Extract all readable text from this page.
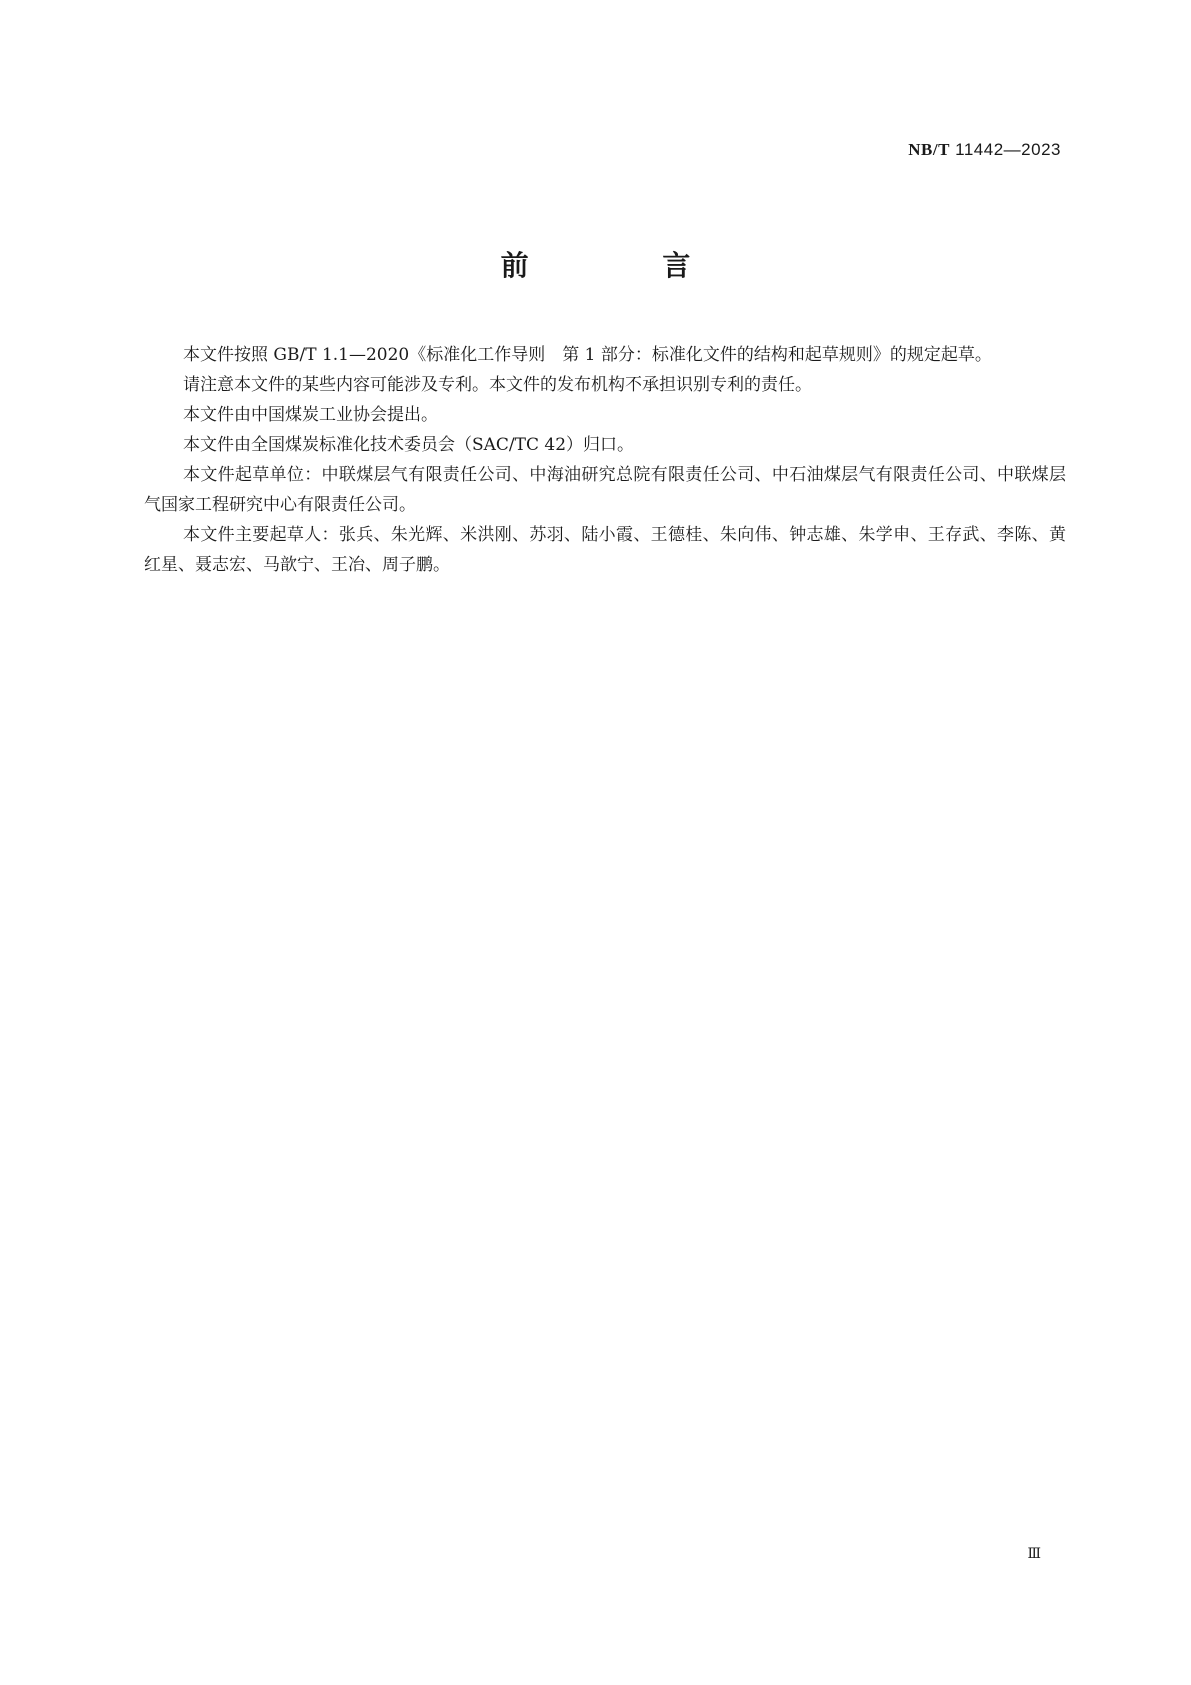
NB/T 11442—2023
前 言

本文件按照 GB/T 1.1—2020《标准化工作导则　第 1 部分：标准化文件的结构和起草规则》的规定起草。

请注意本文件的某些内容可能涉及专利。本文件的发布机构不承担识别专利的责任。

本文件由中国煤炭工业协会提出。

本文件由全国煤炭标准化技术委员会（SAC/TC 42）归口。

本文件起草单位：中联煤层气有限责任公司、中海油研究总院有限责任公司、中石油煤层气有限责任公司、中联煤层气国家工程研究中心有限责任公司。

本文件主要起草人：张兵、朱光辉、米洪刚、苏羽、陆小霞、王德桂、朱向伟、钟志雄、朱学申、王存武、李陈、黄红星、聂志宏、马歆宁、王冶、周子鹏。

Ⅲ
